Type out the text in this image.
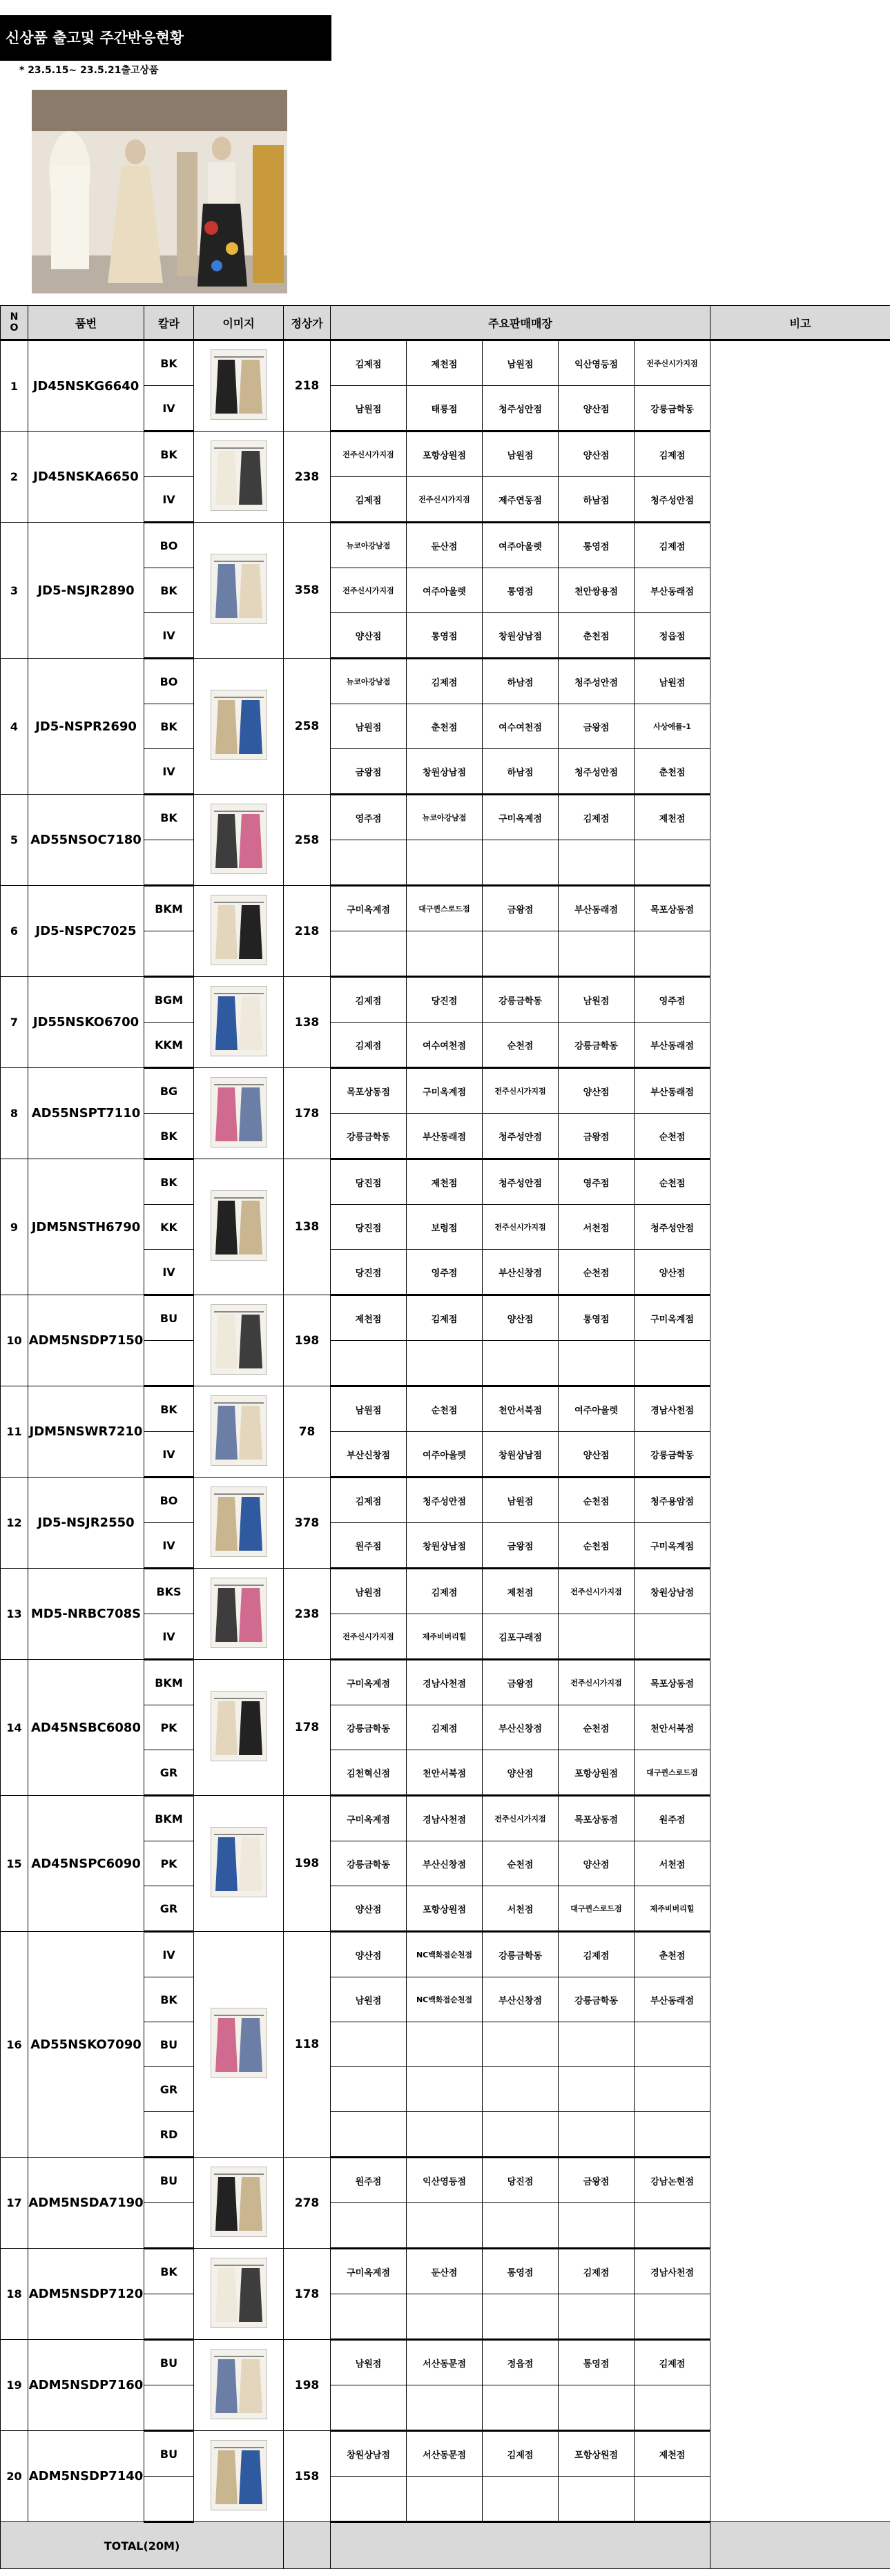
신상품 출고및 주간반응현황
* 23.5.15~ 23.5.21출고상품
N
O	품번	칼라	이미지	정상가	주요판매매장					비고
1	JD45NSKG6640	BK		218	김제점	제천점	남원점	익산영등점	전주신시가지점	
		IV			남원점	태릉점	청주성안점	양산점	강릉금학동	
2	JD45NSKA6650	BK		238	전주신시가지점	포항상원점	남원점	양산점	김제점	
		IV			김제점	전주신시가지점	제주연동점	하남점	청주성안점	
3	JD5-NSJR2890	BO		358	뉴코아강남점	둔산점	여주아울렛	통영점	김제점	
		BK			전주신시가지점	여주아울렛	통영점	천안쌍용점	부산동래점	
		IV			양산점	통영점	창원상남점	춘천점	정읍점	
4	JD5-NSPR2690	BO		258	뉴코아강남점	김제점	하남점	청주성안점	남원점	
		BK			남원점	춘천점	여수여천점	금왕점	사상애플-1	
		IV			금왕점	창원상남점	하남점	청주성안점	춘천점	
5	AD55NSOC7180	BK		258	영주점	뉴코아강남점	구미옥계점	김제점	제천점	

6	JD5-NSPC7025	BKM		218	구미옥계점	대구퀸스로드점	금왕점	부산동래점	목포상동점	

7	JD55NSKO6700	BGM		138	김제점	당진점	강릉금학동	남원점	영주점	
		KKM			김제점	여수여천점	순천점	강릉금학동	부산동래점	
8	AD55NSPT7110	BG		178	목포상동점	구미옥계점	전주신시가지점	양산점	부산동래점	
		BK			강릉금학동	부산동래점	청주성안점	금왕점	순천점	
9	JDM5NSTH6790	BK		138	당진점	제천점	청주성안점	영주점	순천점	
		KK			당진점	보령점	전주신시가지점	서천점	청주성안점	
		IV			당진점	영주점	부산신창점	순천점	양산점	
10	ADM5NSDP7150	BU		198	제천점	김제점	양산점	통영점	구미옥계점	

11	JDM5NSWR7210	BK		78	남원점	순천점	천안서북점	여주아울렛	경남사천점	
		IV			부산신창점	여주아울렛	창원상남점	양산점	강릉금학동	
12	JD5-NSJR2550	BO		378	김제점	청주성안점	남원점	순천점	청주용암점	
		IV			원주점	창원상남점	금왕점	순천점	구미옥계점	
13	MD5-NRBC708S	BKS		238	남원점	김제점	제천점	전주신시가지점	창원상남점	
		IV			전주신시가지점	제주비버리힐	김포구래점			
14	AD45NSBC6080	BKM		178	구미옥계점	경남사천점	금왕점	전주신시가지점	목포상동점	
		PK			강릉금학동	김제점	부산신창점	순천점	천안서북점	
		GR			김천혁신점	천안서북점	양산점	포항상원점	대구퀸스로드점	
15	AD45NSPC6090	BKM		198	구미옥계점	경남사천점	전주신시가지점	목포상동점	원주점	
		PK			강릉금학동	부산신창점	순천점	양산점	서천점	
		GR			양산점	포항상원점	서천점	대구퀸스로드점	제주비버리힐	
16	AD55NSKO7090	IV		118	양산점	NC백화점순천점	강릉금학동	김제점	춘천점	
		BK			남원점	NC백화점순천점	부산신창점	강릉금학동	부산동래점	
		BU								
		GR								
		RD								
17	ADM5NSDA7190	BU		278	원주점	익산영등점	당진점	금왕점	강남논현점	

18	ADM5NSDP7120	BK		178	구미옥계점	둔산점	통영점	김제점	경남사천점	

19	ADM5NSDP7160	BU		198	남원점	서산동문점	정읍점	통영점	김제점	

20	ADM5NSDP7140	BU		158	창원상남점	서산동문점	김제점	포항상원점	제천점	

TOTAL(20M)										
